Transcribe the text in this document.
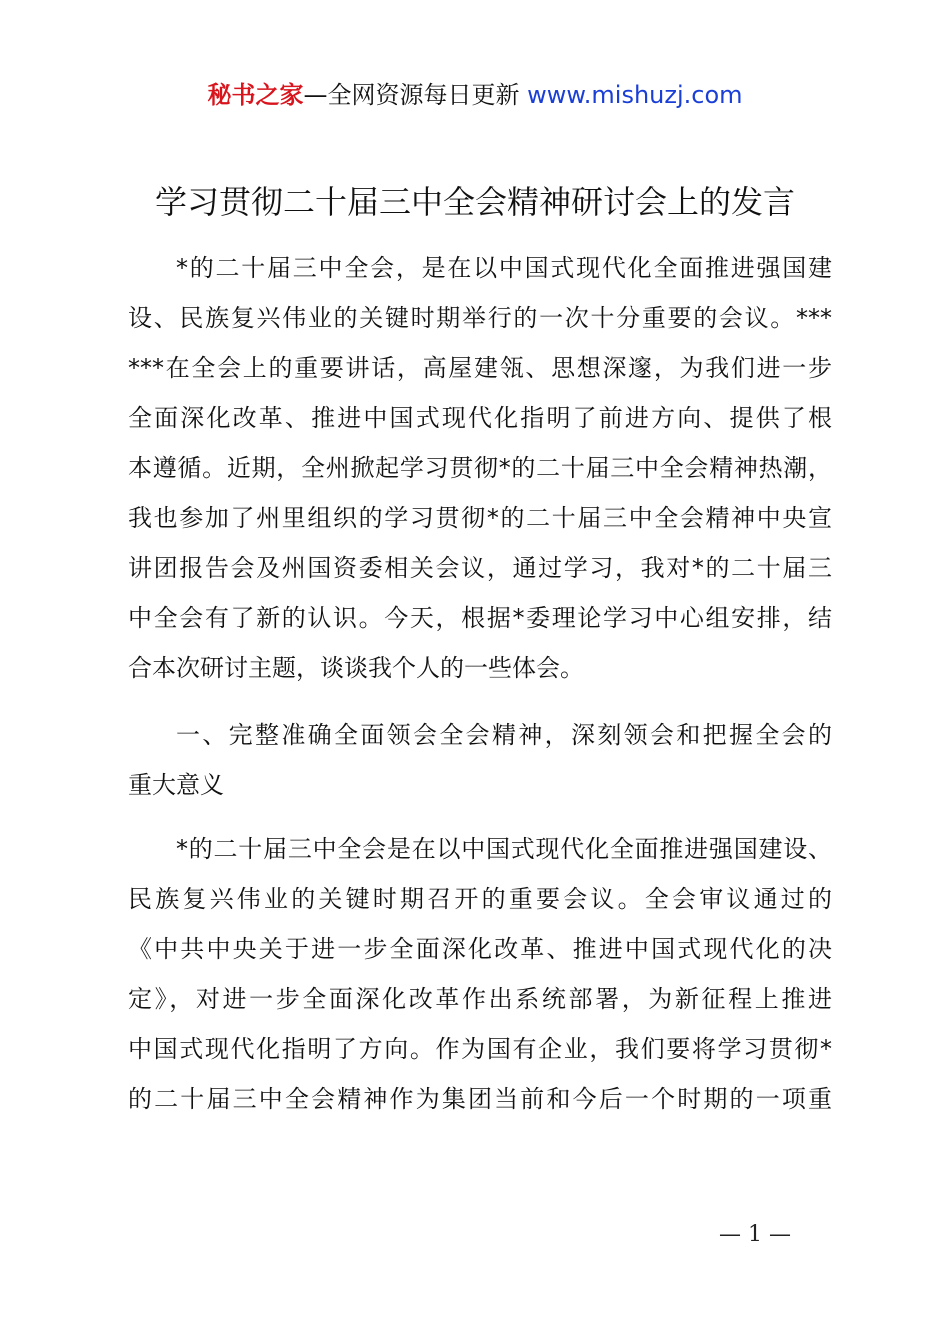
秘书之家—全网资源每日更新 www.mishuzj.com
学习贯彻二十届三中全会精神研讨会上的发言
*的二十届三中全会，是在以中国式现代化全面推进强国建
设、民族复兴伟业的关键时期举行的一次十分重要的会议。***
***在全会上的重要讲话，高屋建瓴、思想深邃，为我们进一步
全面深化改革、推进中国式现代化指明了前进方向、提供了根
本遵循。近期，全州掀起学习贯彻*的二十届三中全会精神热潮，
我也参加了州里组织的学习贯彻*的二十届三中全会精神中央宣
讲团报告会及州国资委相关会议，通过学习，我对*的二十届三
中全会有了新的认识。今天，根据*委理论学习中心组安排，结
合本次研讨主题，谈谈我个人的一些体会。
一、完整准确全面领会全会精神，深刻领会和把握全会的
重大意义
*的二十届三中全会是在以中国式现代化全面推进强国建设、
民族复兴伟业的关键时期召开的重要会议。全会审议通过的
《中共中央关于进一步全面深化改革、推进中国式现代化的决
定》，对进一步全面深化改革作出系统部署，为新征程上推进
中国式现代化指明了方向。作为国有企业，我们要将学习贯彻*
的二十届三中全会精神作为集团当前和今后一个时期的一项重
— 1 —
